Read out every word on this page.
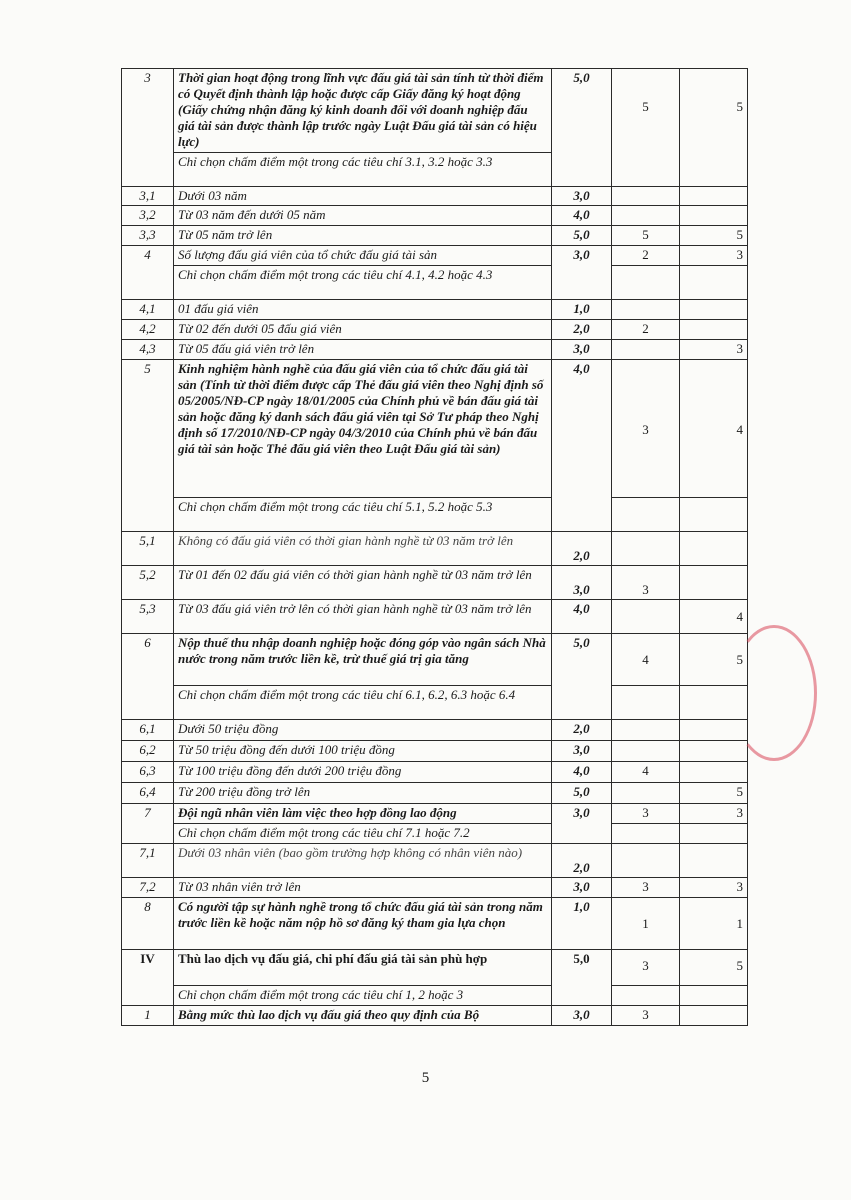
3	Thời gian hoạt động trong lĩnh vực đấu giá tài sản tính từ thời điểm có Quyết định thành lập hoặc được cấp Giấy đăng ký hoạt động (Giấy chứng nhận đăng ký kinh doanh đối với doanh nghiệp đấu giá tài sản được thành lập trước ngày Luật Đấu giá tài sản có hiệu lực)	5,0	5	5
	Chỉ chọn chấm điểm một trong các tiêu chí 3.1, 3.2 hoặc 3.3			
3,1	Dưới 03 năm	3,0		
3,2	Từ 03 năm đến dưới 05 năm	4,0		
3,3	Từ 05 năm trở lên	5,0	5	5
4	Số lượng đấu giá viên của tổ chức đấu giá tài sản	3,0	2	3
	Chỉ chọn chấm điểm một trong các tiêu chí 4.1, 4.2 hoặc 4.3			
4,1	01 đấu giá viên	1,0		
4,2	Từ 02 đến dưới 05 đấu giá viên	2,0	2	
4,3	Từ 05 đấu giá viên trở lên	3,0		3
5	Kinh nghiệm hành nghề của đấu giá viên của tổ chức đấu giá tài sản (Tính từ thời điểm được cấp Thẻ đấu giá viên theo Nghị định số 05/2005/NĐ-CP ngày 18/01/2005 của Chính phủ về bán đấu giá tài sản hoặc đăng ký danh sách đấu giá viên tại Sở Tư pháp theo Nghị định số 17/2010/NĐ-CP ngày 04/3/2010 của Chính phủ về bán đấu giá tài sản hoặc Thẻ đấu giá viên theo Luật Đấu giá tài sản)	4,0	3	4
	Chỉ chọn chấm điểm một trong các tiêu chí 5.1, 5.2 hoặc 5.3			
5,1	Không có đấu giá viên có thời gian hành nghề từ 03 năm trở lên	2,0		
5,2	Từ 01 đến 02 đấu giá viên có thời gian hành nghề từ 03 năm trở lên	3,0	3	
5,3	Từ 03 đấu giá viên trở lên có thời gian hành nghề từ 03 năm trở lên	4,0		4
6	Nộp thuế thu nhập doanh nghiệp hoặc đóng góp vào ngân sách Nhà nước trong năm trước liền kề, trừ thuế giá trị gia tăng	5,0	4	5
	Chỉ chọn chấm điểm một trong các tiêu chí 6.1, 6.2, 6.3 hoặc 6.4			
6,1	Dưới 50 triệu đồng	2,0		
6,2	Từ 50 triệu đồng đến dưới 100 triệu đồng	3,0		
6,3	Từ 100 triệu đồng đến dưới 200 triệu đồng	4,0	4	
6,4	Từ 200 triệu đồng trở lên	5,0		5
7	Đội ngũ nhân viên làm việc theo hợp đồng lao động	3,0	3	3
	Chỉ chọn chấm điểm một trong các tiêu chí 7.1 hoặc 7.2			
7,1	Dưới 03 nhân viên (bao gồm trường hợp không có nhân viên nào)	2,0		
7,2	Từ 03 nhân viên trở lên	3,0	3	3
8	Có người tập sự hành nghề trong tổ chức đấu giá tài sản trong năm trước liền kề hoặc năm nộp hồ sơ đăng ký tham gia lựa chọn	1,0	1	1
IV	Thù lao dịch vụ đấu giá, chi phí đấu giá tài sản phù hợp	5,0	3	5
	Chỉ chọn chấm điểm một trong các tiêu chí 1, 2 hoặc 3			
1	Bằng mức thù lao dịch vụ đấu giá theo quy định của Bộ	3,0	3	
5
